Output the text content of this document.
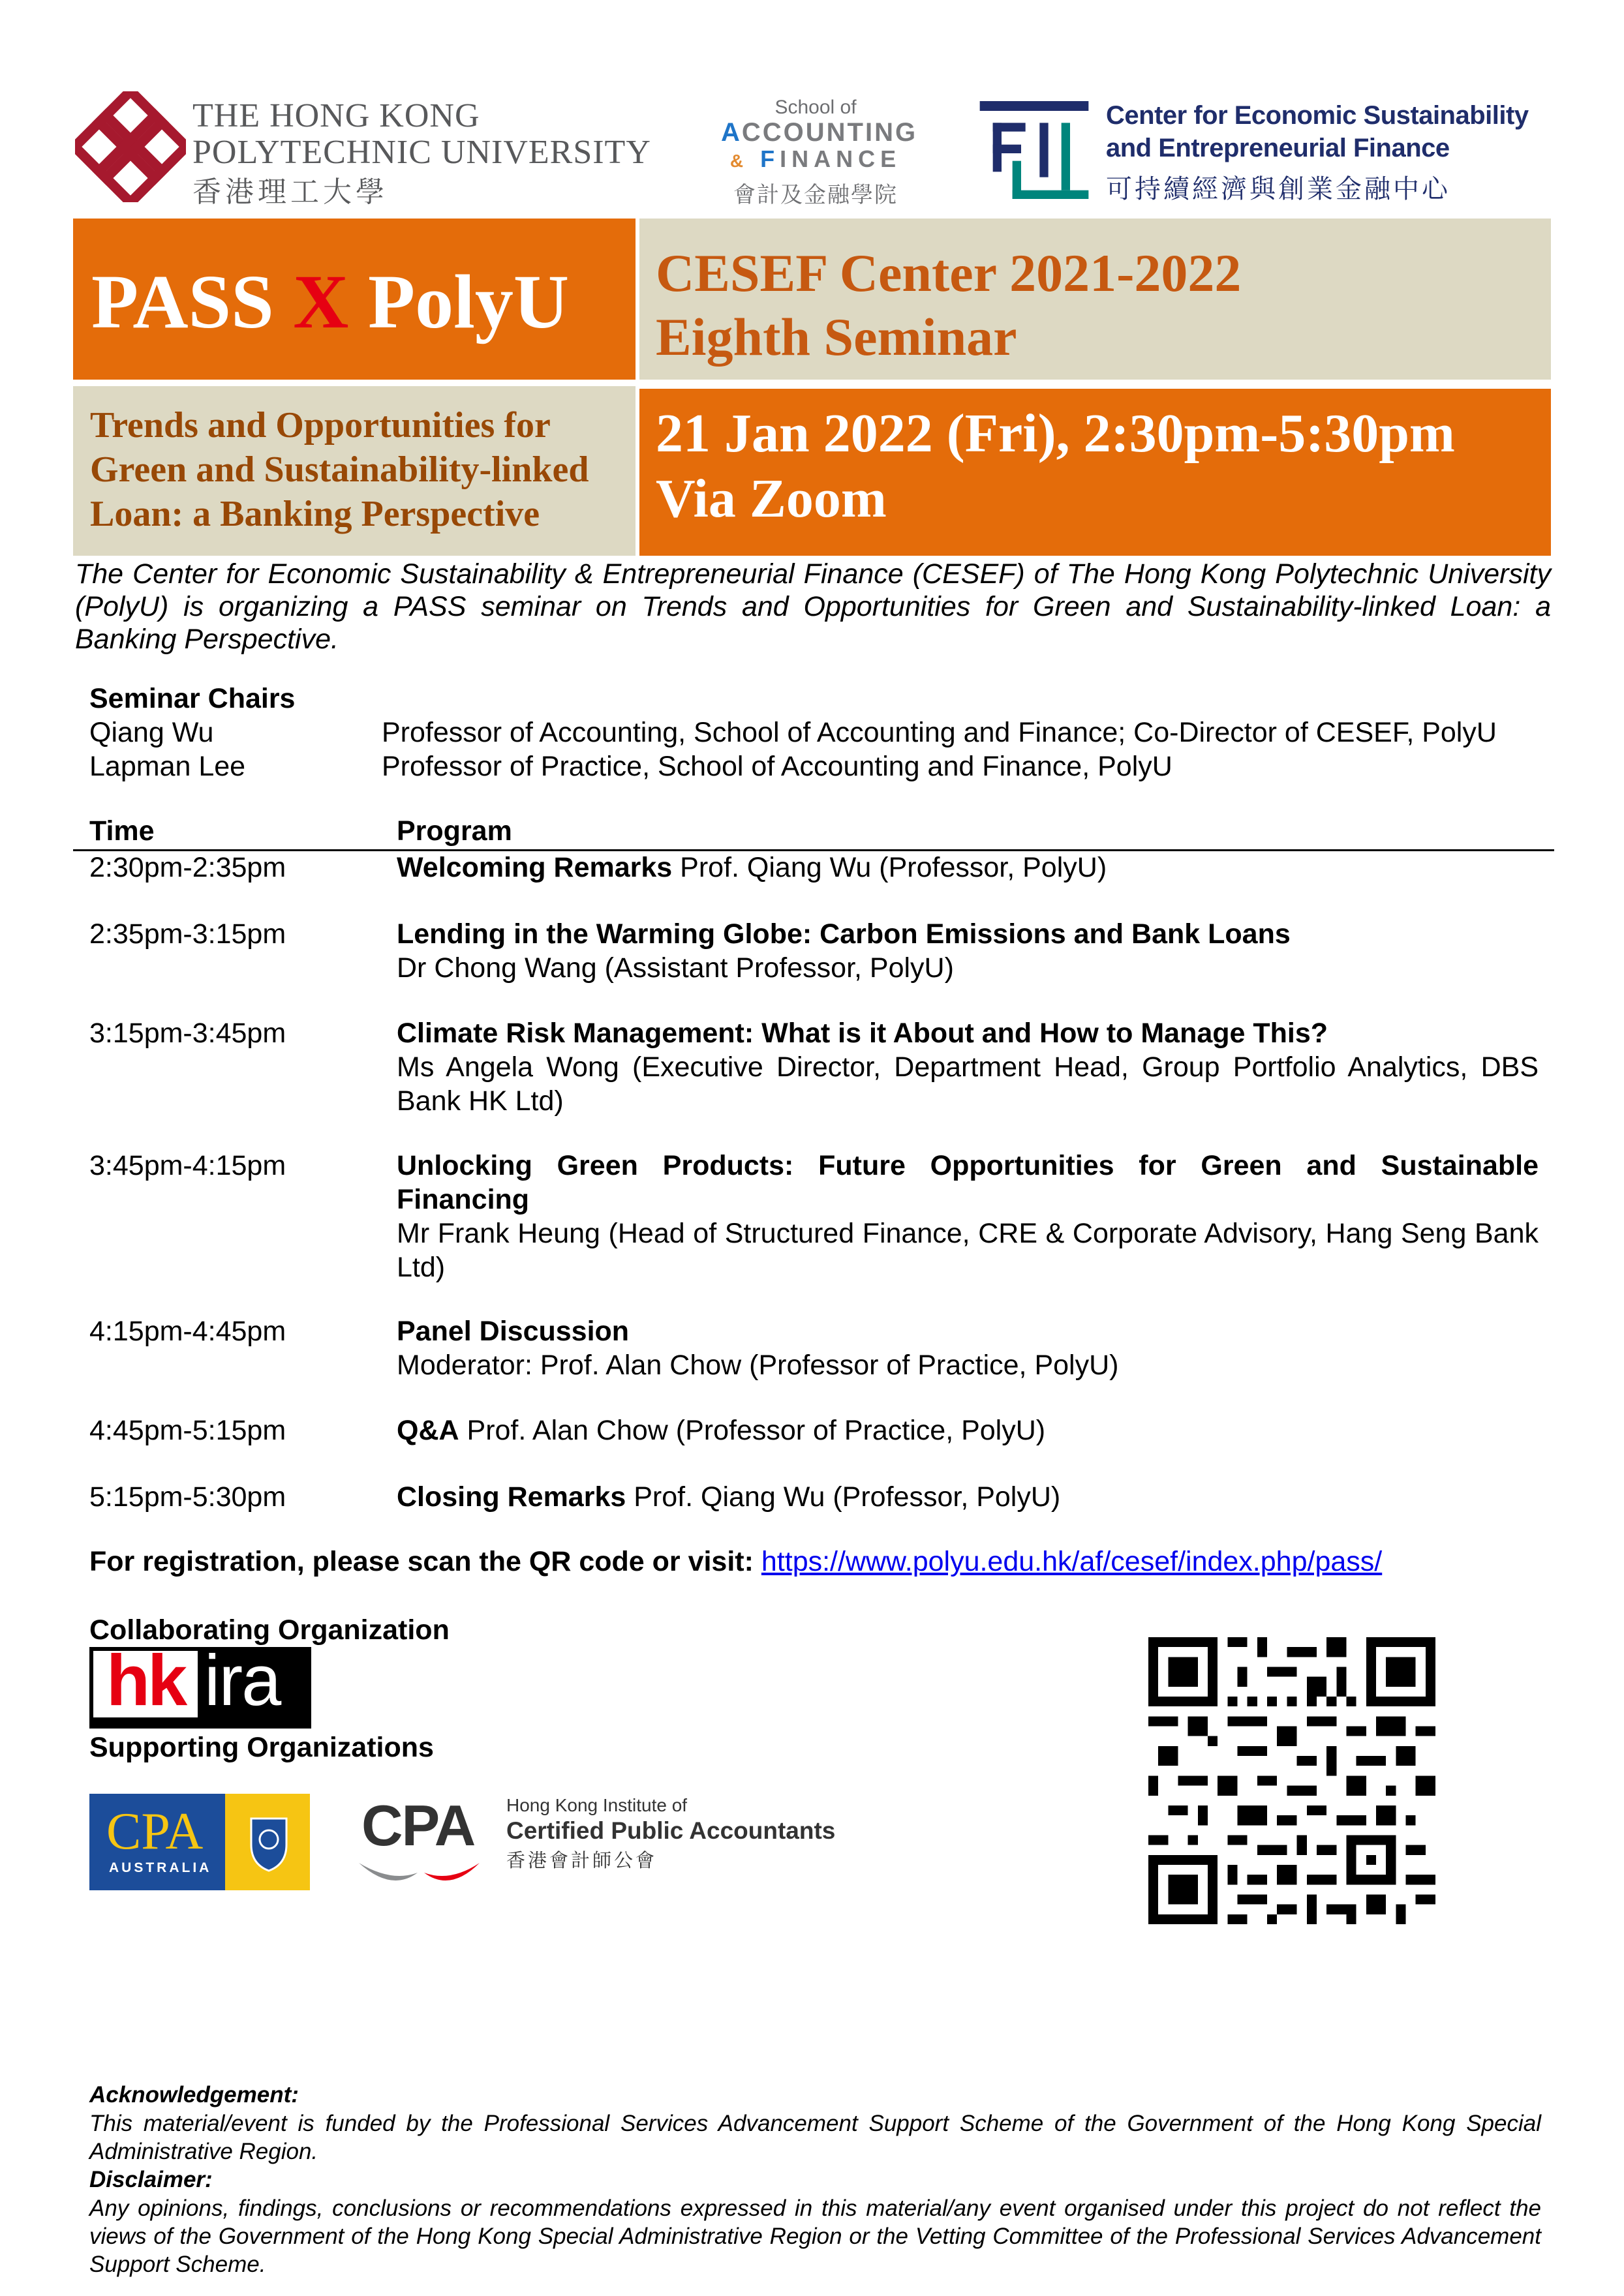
THE HONG KONG
POLYTECHNIC UNIVERSITY
香港理工大學
School of
ACCOUNTING
& FINANCE
會計及金融學院
Center for Economic Sustainability
and Entrepreneurial Finance
可持續經濟與創業金融中心
PASS X PolyU CESEF Center 2021-2022
Eighth Seminar
Trends and Opportunities for
Green and Sustainability-linked
Loan: a Banking Perspective
21 Jan 2022 (Fri), 2:30pm-5:30pm
Via Zoom
The Center for Economic Sustainability & Entrepreneurial Finance (CESEF) of The Hong Kong Polytechnic University (PolyU) is organizing a PASS seminar on Trends and Opportunities for Green and Sustainability-linked Loan: a Banking Perspective.
Seminar Chairs
Qiang Wu	Professor of Accounting, School of Accounting and Finance; Co-Director of CESEF, PolyU
Lapman Lee	Professor of Practice, School of Accounting and Finance, PolyU
Time	Program
2:30pm-2:35pm	Welcoming Remarks Prof. Qiang Wu (Professor, PolyU)
2:35pm-3:15pm	Lending in the Warming Globe: Carbon Emissions and Bank Loans
Dr Chong Wang (Assistant Professor, PolyU)
3:15pm-3:45pm	Climate Risk Management: What is it About and How to Manage This?
Ms Angela Wong (Executive Director, Department Head, Group Portfolio Analytics, DBS Bank HK Ltd)
3:45pm-4:15pm	Unlocking Green Products: Future Opportunities for Green and Sustainable Financing
Mr Frank Heung (Head of Structured Finance, CRE & Corporate Advisory, Hang Seng Bank Ltd)
4:15pm-4:45pm	Panel Discussion
Moderator: Prof. Alan Chow (Professor of Practice, PolyU)
4:45pm-5:15pm	Q&A Prof. Alan Chow (Professor of Practice, PolyU)
5:15pm-5:30pm	Closing Remarks Prof. Qiang Wu (Professor, PolyU)
For registration, please scan the QR code or visit: https://www.polyu.edu.hk/af/cesef/index.php/pass/
Collaborating Organization
hk ira
Supporting Organizations
CPA
AUSTRALIA
CPA Hong Kong Institute of
Certified Public Accountants
香港會計師公會
Acknowledgement:
This material/event is funded by the Professional Services Advancement Support Scheme of the Government of the Hong Kong Special Administrative Region.
Disclaimer:
Any opinions, findings, conclusions or recommendations expressed in this material/any event organised under this project do not reflect the views of the Government of the Hong Kong Special Administrative Region or the Vetting Committee of the Professional Services Advancement Support Scheme.
